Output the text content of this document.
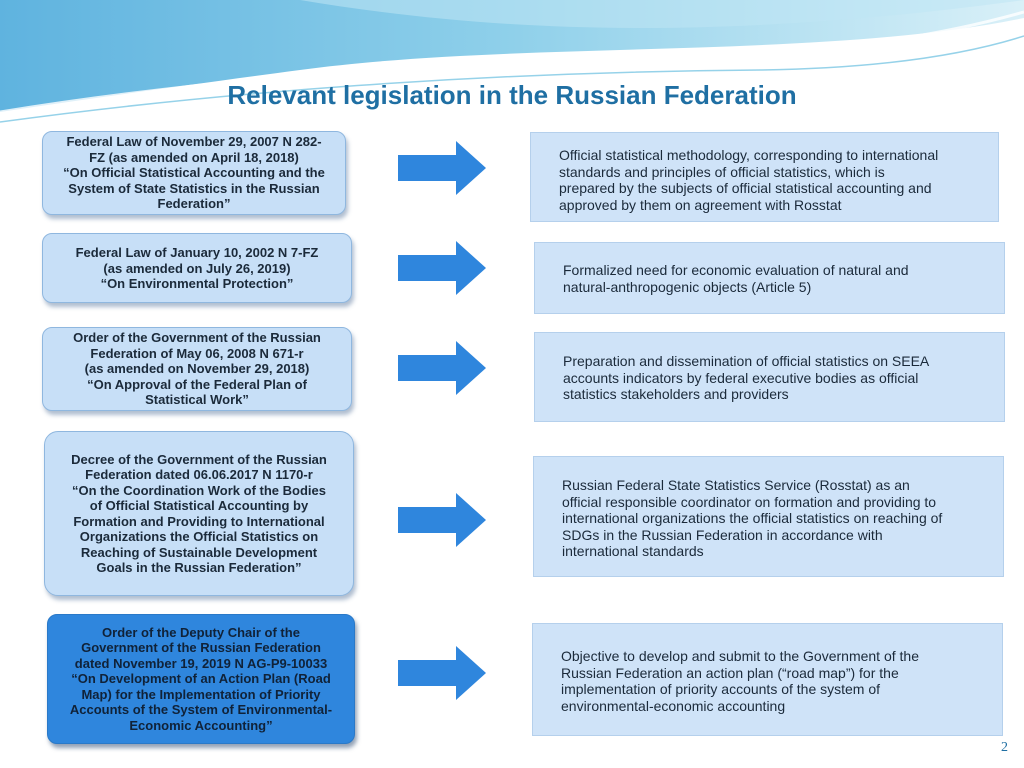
Relevant legislation in the Russian Federation
Federal Law of November 29, 2007 N 282-
FZ (as amended on April 18, 2018)
“On Official Statistical Accounting and the
System of State Statistics in the Russian
Federation”
Official statistical methodology, corresponding to international
standards and principles of official statistics, which is
prepared by the subjects of official statistical accounting and
approved by them on agreement with Rosstat
Federal Law of January 10, 2002 N 7-FZ
(as amended on July 26, 2019)
“On Environmental Protection”
Formalized need for economic evaluation of natural and
natural-anthropogenic objects (Article 5)
Order of the Government of the Russian
Federation of May 06, 2008 N 671-r
(as amended on November 29, 2018)
“On Approval of the Federal Plan of
Statistical Work”
Preparation and dissemination of official statistics on SEEA
accounts indicators by federal executive bodies as official
statistics stakeholders and providers
Decree of the Government of the Russian
Federation dated 06.06.2017 N 1170-r
“On the Coordination Work of the Bodies
of Official Statistical Accounting by
Formation and Providing to International
Organizations the Official Statistics on
Reaching of Sustainable Development
Goals in the Russian Federation”
Russian Federal State Statistics Service (Rosstat) as an
official responsible coordinator on formation and providing to
international organizations the official statistics on reaching of
SDGs in the Russian Federation in accordance with
international standards
Order of the Deputy Chair of the
Government of the Russian Federation
dated November 19, 2019 N AG-P9-10033
“On Development of an Action Plan (Road
Map) for the Implementation of Priority
Accounts of the System of Environmental-
Economic Accounting”
Objective to develop and submit to the Government of the
Russian Federation an action plan (“road map”) for the
implementation of priority accounts of the system of
environmental-economic accounting
2
